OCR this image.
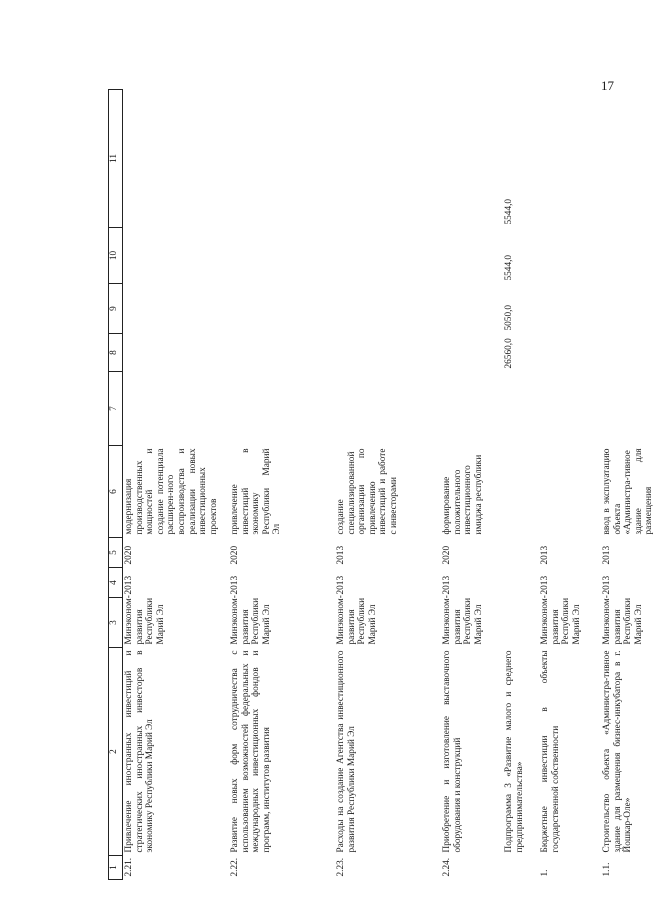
17
1	2	3	4	5	6	7	8	9	10	11
2.21.	Привлечение иностранных инвестиций и стратегических иностранных инвесторов в экономику Республики Марий Эл	Минэконом-развития Республики Марий Эл	2013	2020	модернизация производственных мощностей и создание потенциала расширен-ного воспроизводства и реализации новых инвестиционных проектов					
2.22.	Развитие новых форм сотрудничества с использованием возможностей федеральных и международных инвестиционных фондов и программ, институтов развития	Минэконом-развития Республики Марий Эл	2013	2020	привлечение инвестиций в экономику Республики Марий Эл					
2.23.	Расходы на создание Агентства инвестиционного развития Республики Марий Эл	Минэконом-развития Республики Марий Эл	2013	2013	создание специализированной организации по привлечению инвестиций и работе с инвесторами					
2.24.	Приобретение и изготовление выставочного оборудования и конструкций	Минэконом-развития Республики Марий Эл	2013	2020	формирование положительного инвестиционного имиджа республики					
	Подпрограмма 3 «Развитие малого и среднего предпринимательства»						26560,0	5050,0	5544,0	5544,0
1.	Бюджетные инвестиции в объекты государственной собственности	Минэконом-развития Республики Марий Эл	2013	2013						
1.1.	Строительство объекта «Администра-тивное здание для размещения бизнес-инкубатора в г. Йошкар-Оле»	Минэконом-развития Республики Марий Эл	2013	2013	ввод в эксплуатацию объекта «Администра-тивное здание для размещения					
